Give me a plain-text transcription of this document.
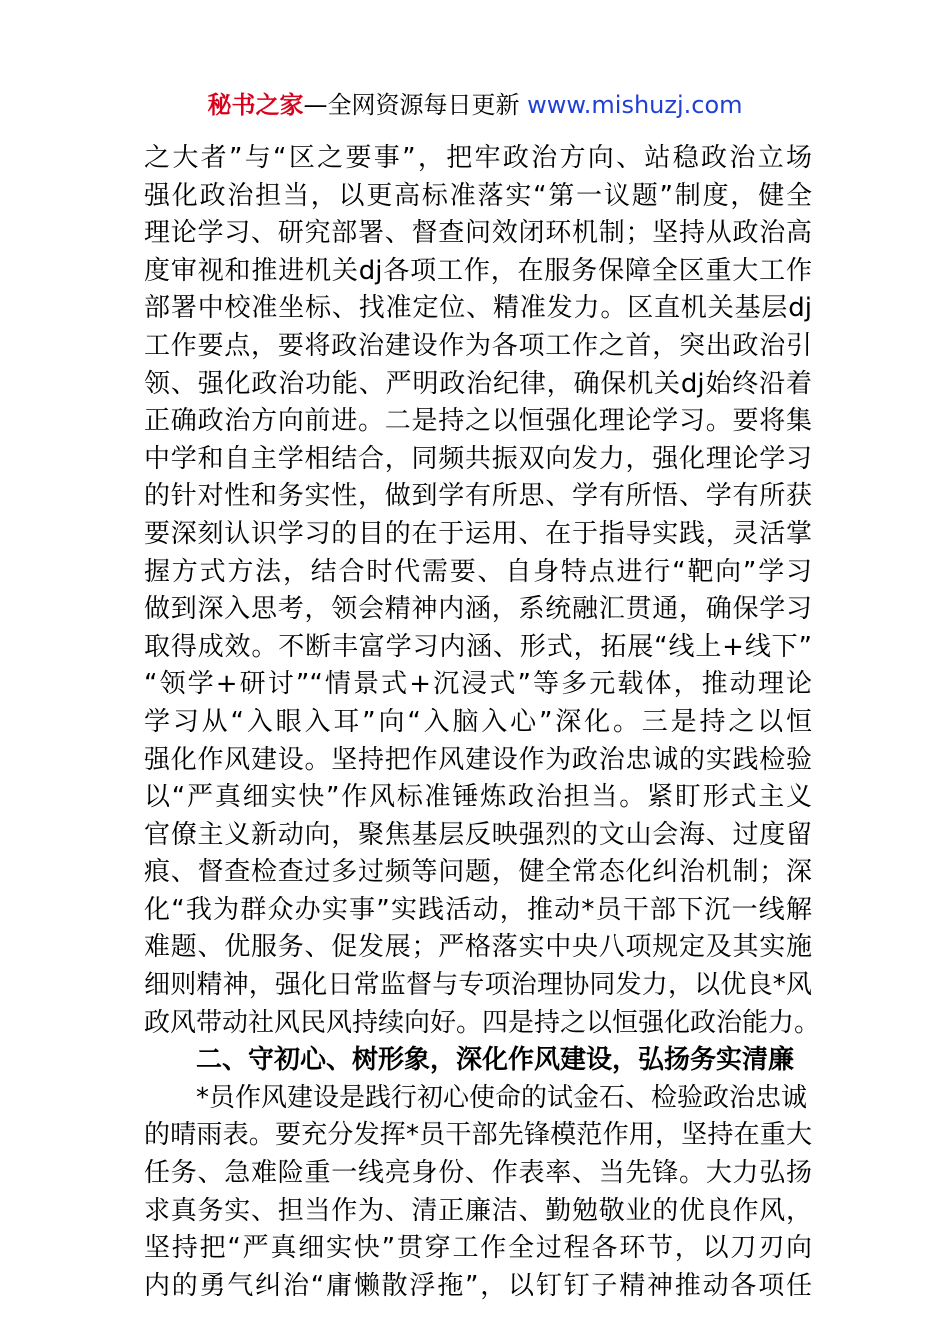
秘书之家—全网资源每日更新 www.mishuzj.com
之大者”与“区之要事”，把牢政治方向、站稳政治立场
强化政治担当，以更高标准落实“第一议题”制度，健全
理论学习、研究部署、督查问效闭环机制；坚持从政治高
度审视和推进机关dj各项工作，在服务保障全区重大工作
部署中校准坐标、找准定位、精准发力。区直机关基层dj
工作要点，要将政治建设作为各项工作之首，突出政治引
领、强化政治功能、严明政治纪律，确保机关dj始终沿着
正确政治方向前进。二是持之以恒强化理论学习。要将集
中学和自主学相结合，同频共振双向发力，强化理论学习
的针对性和务实性，做到学有所思、学有所悟、学有所获
要深刻认识学习的目的在于运用、在于指导实践，灵活掌
握方式方法，结合时代需要、自身特点进行“靶向”学习
做到深入思考，领会精神内涵，系统融汇贯通，确保学习
取得成效。不断丰富学习内涵、形式，拓展“线上+线下”
“领学+研讨”“情景式+沉浸式”等多元载体，推动理论
学习从“入眼入耳”向“入脑入心”深化。三是持之以恒
强化作风建设。坚持把作风建设作为政治忠诚的实践检验
以“严真细实快”作风标准锤炼政治担当。紧盯形式主义
官僚主义新动向，聚焦基层反映强烈的文山会海、过度留
痕、督查检查过多过频等问题，健全常态化纠治机制；深
化“我为群众办实事”实践活动，推动*员干部下沉一线解
难题、优服务、促发展；严格落实中央八项规定及其实施
细则精神，强化日常监督与专项治理协同发力，以优良*风
政风带动社风民风持续向好。四是持之以恒强化政治能力。
二、守初心、树形象，深化作风建设，弘扬务实清廉
*员作风建设是践行初心使命的试金石、检验政治忠诚
的晴雨表。要充分发挥*员干部先锋模范作用，坚持在重大
任务、急难险重一线亮身份、作表率、当先锋。大力弘扬
求真务实、担当作为、清正廉洁、勤勉敬业的优良作风，
坚持把“严真细实快”贯穿工作全过程各环节，以刀刃向
内的勇气纠治“庸懒散浮拖”，以钉钉子精神推动各项任
